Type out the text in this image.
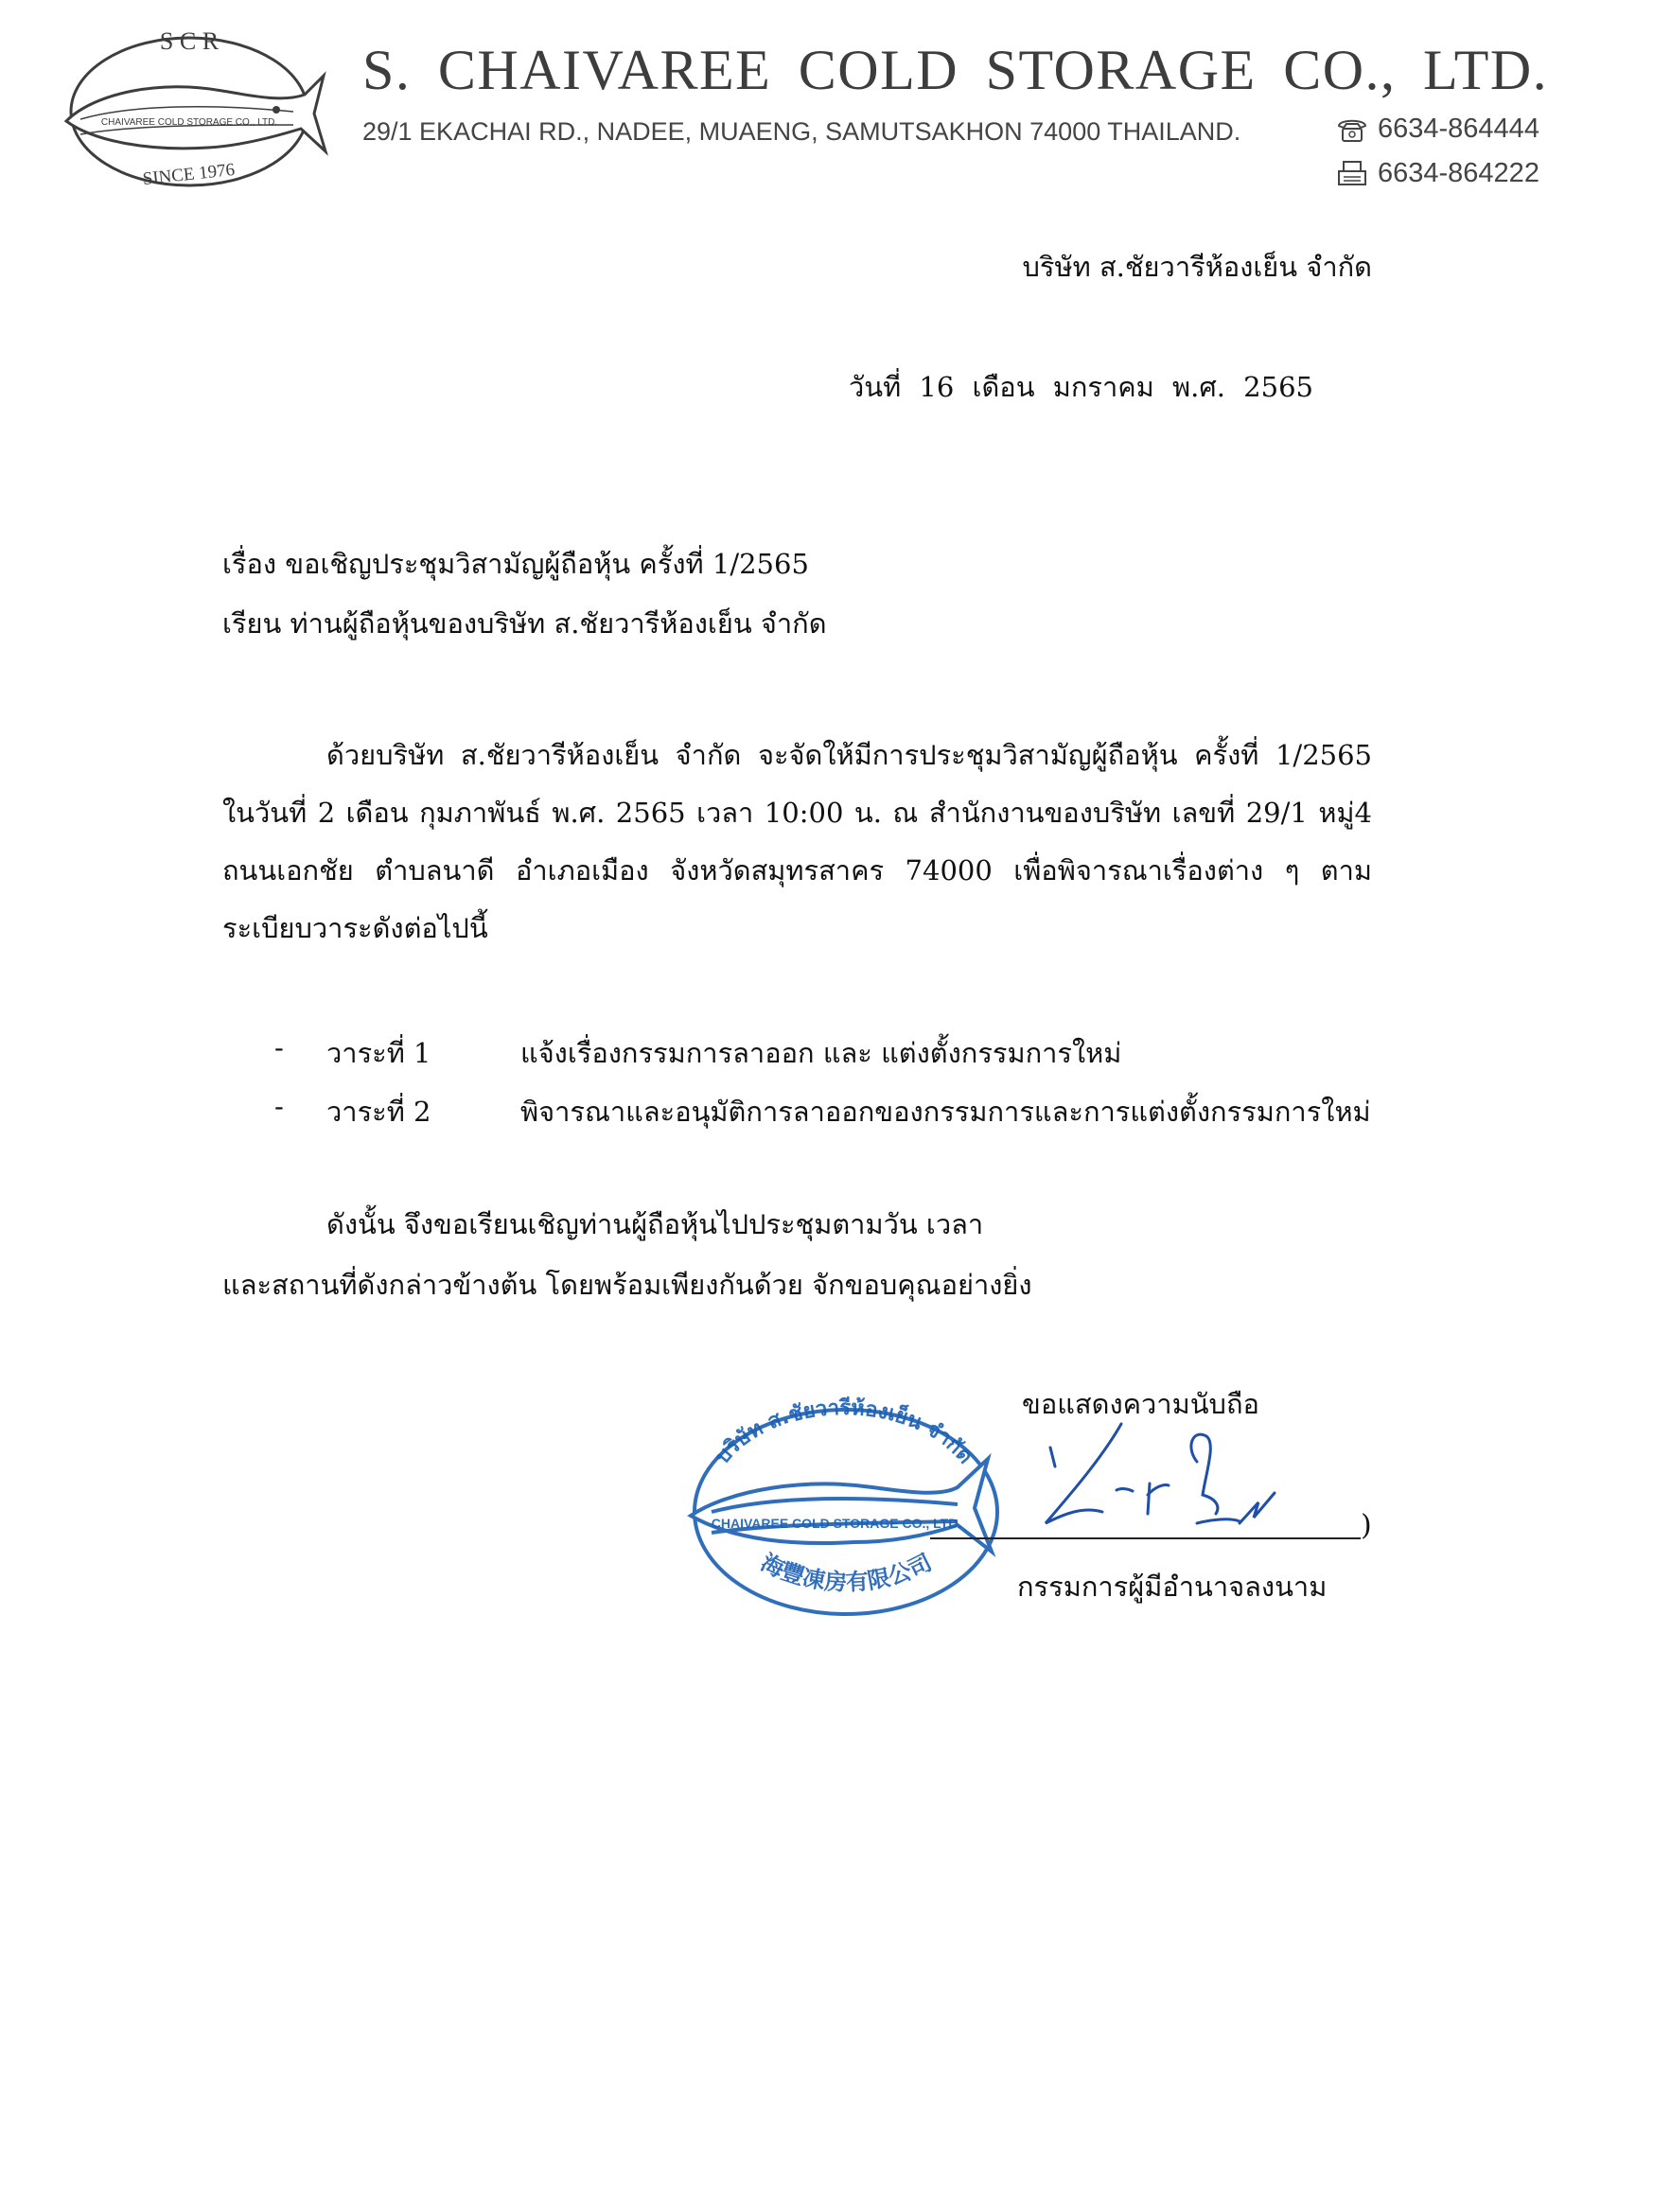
S C R
CHAIVAREE COLD STORAGE CO., LTD.
SINCE 1976
S. CHAIVAREE COLD STORAGE CO., LTD.
29/1 EKACHAI RD., NADEE, MUAENG, SAMUTSAKHON 74000 THAILAND.	6634-864444
6634-864222
บริษัท ส.ชัยวารีห้องเย็น จำกัด
วันที่ 16 เดือน มกราคม พ.ศ. 2565
เรื่อง ขอเชิญประชุมวิสามัญผู้ถือหุ้น ครั้งที่ 1/2565
เรียน ท่านผู้ถือหุ้นของบริษัท ส.ชัยวารีห้องเย็น จำกัด
ด้วยบริษัท ส.ชัยวารีห้องเย็น จำกัด จะจัดให้มีการประชุมวิสามัญผู้ถือหุ้น ครั้งที่ 1/2565 ในวันที่ 2 เดือน กุมภาพันธ์ พ.ศ. 2565 เวลา 10:00 น. ณ สำนักงานของบริษัท เลขที่ 29/1 หมู่4 ถนนเอกชัย ตำบลนาดี อำเภอเมือง จังหวัดสมุทรสาคร 74000 เพื่อพิจารณาเรื่องต่าง ๆ ตามระเบียบวาระดังต่อไปนี้
- วาระที่ 1	แจ้งเรื่องกรรมการลาออก และ แต่งตั้งกรรมการใหม่
- วาระที่ 2	พิจารณาและอนุมัติการลาออกของกรรมการและการแต่งตั้งกรรมการใหม่
ดังนั้น จึงขอเรียนเชิญท่านผู้ถือหุ้นไปประชุมตามวัน เวลา
และสถานที่ดังกล่าวข้างต้น โดยพร้อมเพียงกันด้วย จักขอบคุณอย่างยิ่ง
บริษัท ส.ชัยวารีห้องเย็น จำกัด
CHAIVAREE COLD STORAGE CO., LTD.
海豐凍房有限公司
ขอแสดงความนับถือ
)
กรรมการผู้มีอำนาจลงนาม
